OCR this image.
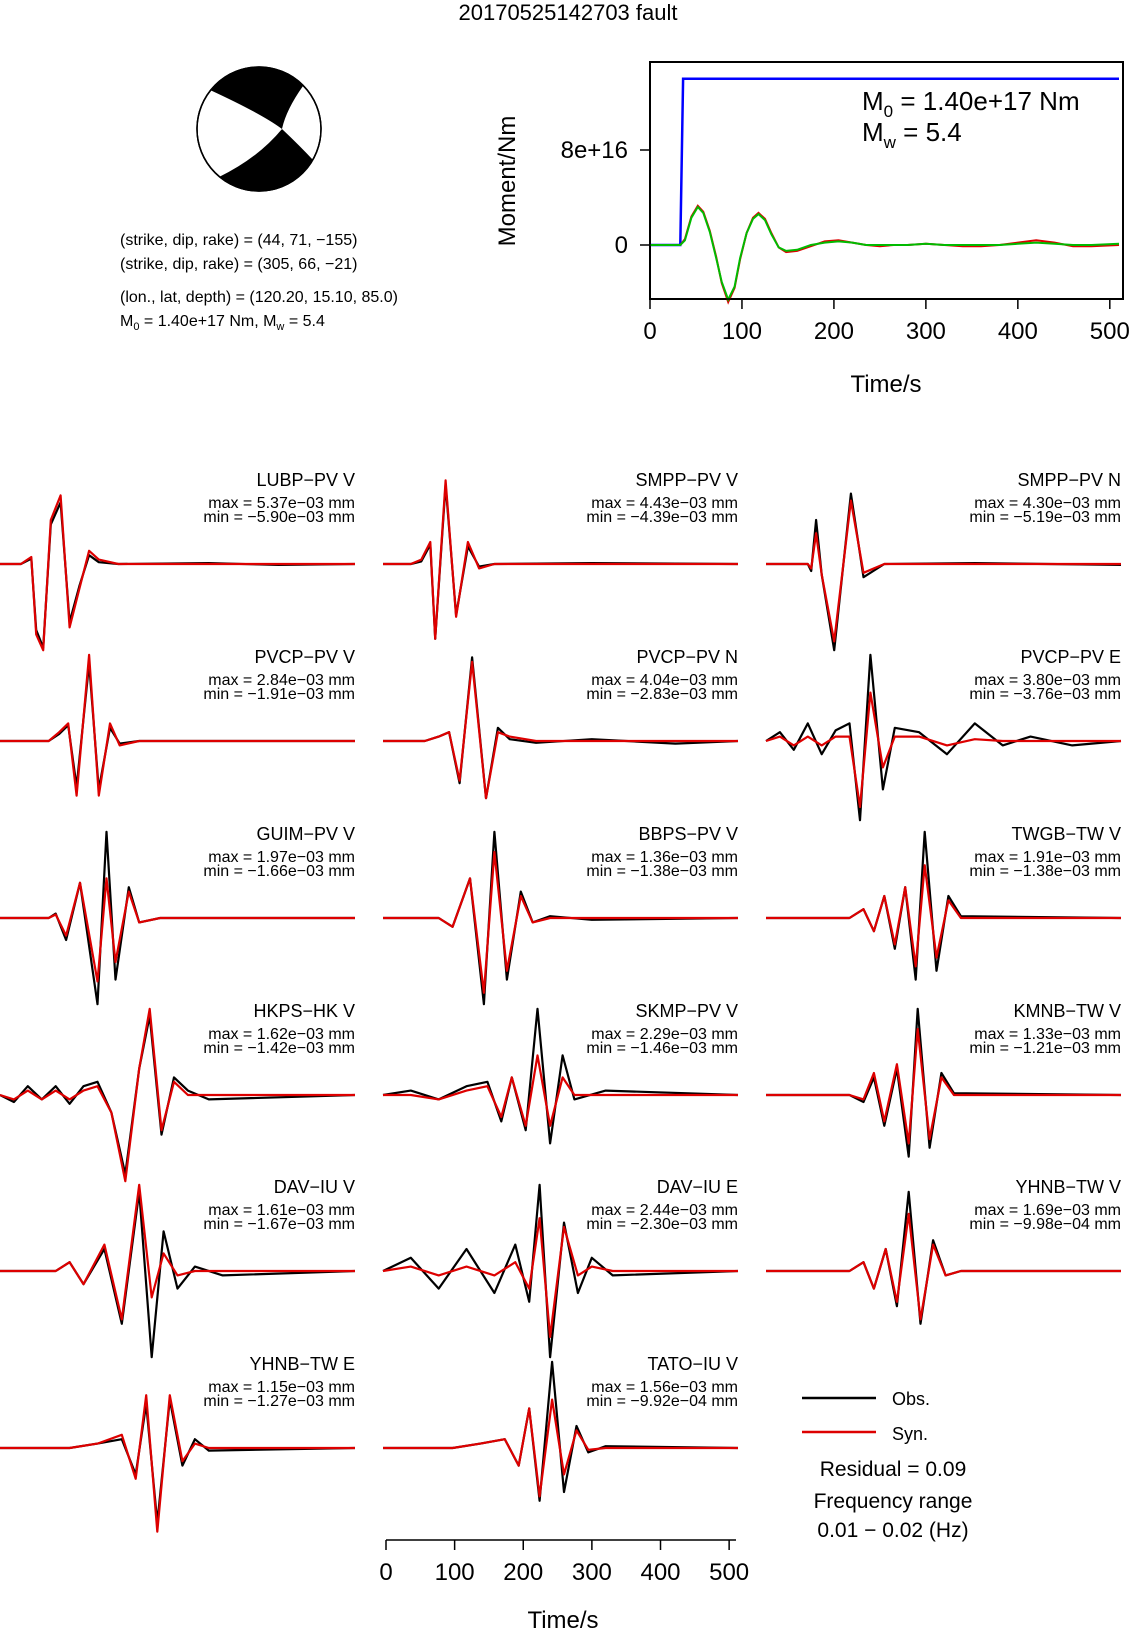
20170525142703 fault
(strike, dip, rake) = (44, 71, −155)
(strike, dip, rake) = (305, 66, −21)
(lon., lat, depth) = (120.20, 15.10, 85.0)
$M_0 = 1.40e+17$ Nm, $M_w = 5.4$	0	100 200 300 400 500
0
8e+16
Time/s
Moment/Nm
$M_0 = 1.40e+17$ Nm
$M_w = 5.4$
LUBP−PV V
max = 5.37e−03 mm
min = −5.90e−03 mm
SMPP−PV V
max = 4.43e−03 mm
min = −4.39e−03 mm
SMPP−PV N
max = 4.30e−03 mm
min = −5.19e−03 mm
PVCP−PV V
max = 2.84e−03 mm
min = −1.91e−03 mm
PVCP−PV N
max = 4.04e−03 mm
min = −2.83e−03 mm
PVCP−PV E
max = 3.80e−03 mm
min = −3.76e−03 mm
GUIM−PV V
max = 1.97e−03 mm
min = −1.66e−03 mm
BBPS−PV V
max = 1.36e−03 mm
min = −1.38e−03 mm
TWGB−TW V
max = 1.91e−03 mm
min = −1.38e−03 mm
HKPS−HK V
max = 1.62e−03 mm
min = −1.42e−03 mm
SKMP−PV V
max = 2.29e−03 mm
min = −1.46e−03 mm
KMNB−TW V
max = 1.33e−03 mm
min = −1.21e−03 mm
DAV−IU V
max = 1.61e−03 mm
min = −1.67e−03 mm
DAV−IU E
max = 2.44e−03 mm
min = −2.30e−03 mm
YHNB−TW V
max = 1.69e−03 mm
min = −9.98e−04 mm
YHNB−TW E
max = 1.15e−03 mm
min = −1.27e−03 mm
TATO−IU V
max = 1.56e−03 mm
min = −9.92e−04 mm	Obs.
Syn.
Residual = 0.09
Frequency range
0.01 − 0.02 (Hz)
Time/s
0 100 200 300 400 500
